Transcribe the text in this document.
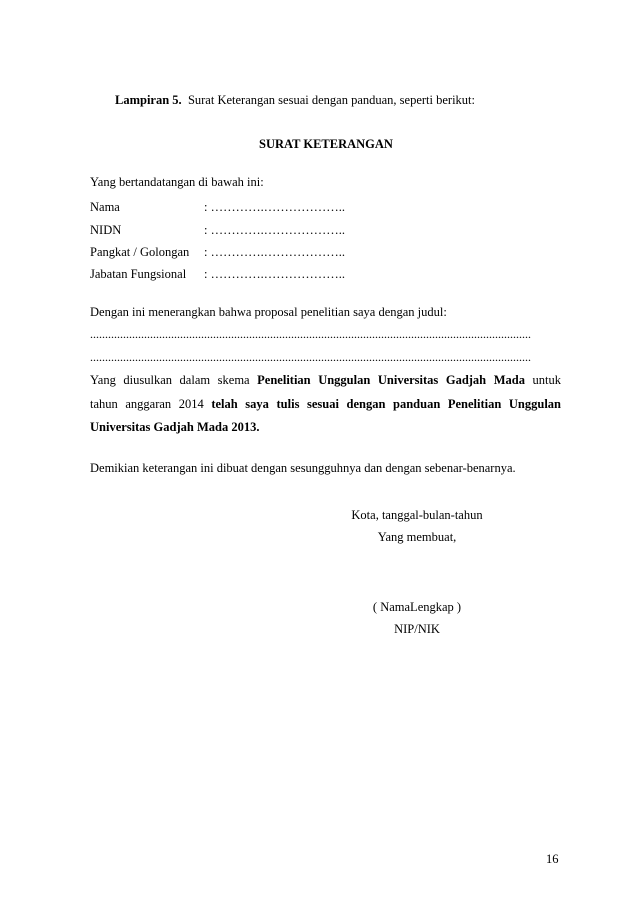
Lampiran 5. Surat Keterangan sesuai dengan panduan, seperti berikut:
SURAT KETERANGAN
Yang bertandatangan di bawah ini:
Nama	: ………….………………..
NIDN	: ………….………………..
Pangkat / Golongan : ………….………………..
Jabatan Fungsional : ………….………………..
Dengan ini menerangkan bahwa proposal penelitian saya dengan judul:
...................................................................................................................................................
...................................................................................................................................................
Yang diusulkan dalam skema Penelitian Unggulan Universitas Gadjah Mada untuk
tahun anggaran 2014 telah saya tulis sesuai dengan panduan Penelitian Unggulan
Universitas Gadjah Mada 2013.
Demikian keterangan ini dibuat dengan sesungguhnya dan dengan sebenar-benarnya.
Kota, tanggal-bulan-tahun
Yang membuat,
( NamaLengkap )
NIP/NIK
16
